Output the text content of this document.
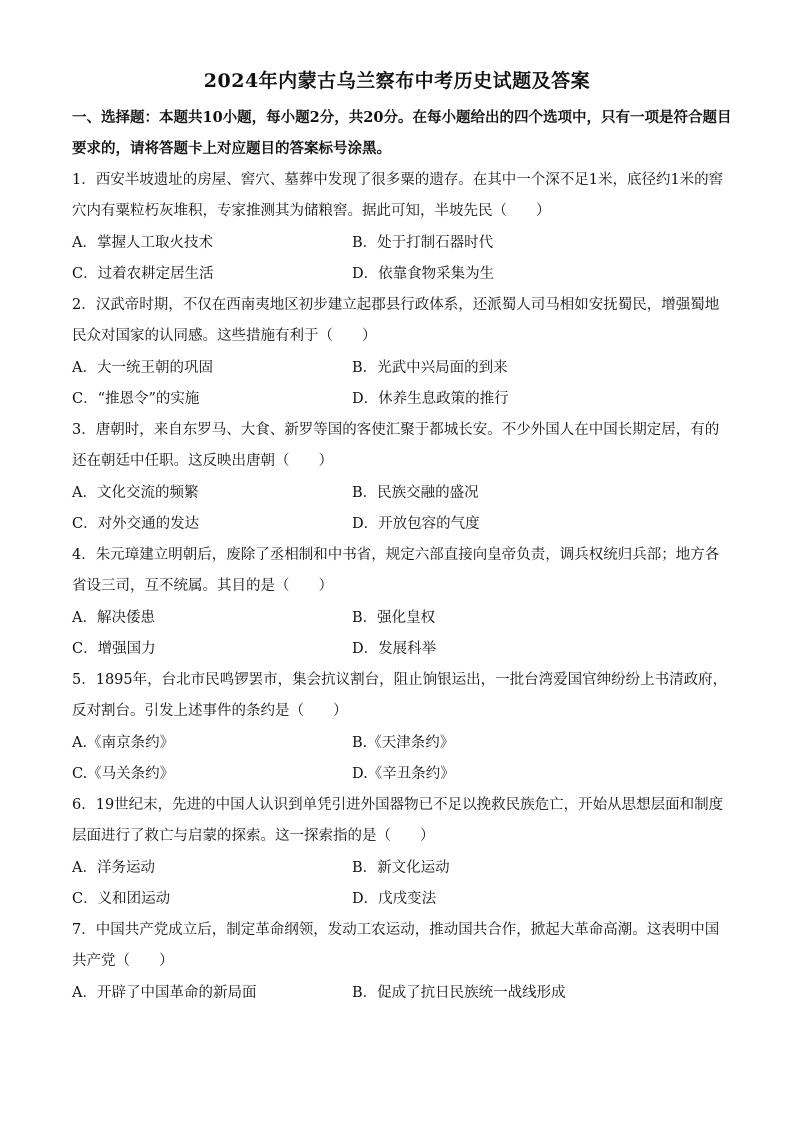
2024年内蒙古乌兰察布中考历史试题及答案
一、选择题：本题共10小题，每小题2分，共20分。在每小题给出的四个选项中，只有一项是符合题目要求的，请将答题卡上对应题目的答案标号涂黑。
1．西安半坡遗址的房屋、窖穴、墓葬中发现了很多粟的遗存。在其中一个深不足1米，底径约1米的窖穴内有粟粒朽灰堆积，专家推测其为储粮窖。据此可知，半坡先民（　　）
A．掌握人工取火技术	B．处于打制石器时代
C．过着农耕定居生活	D．依靠食物采集为生
2．汉武帝时期，不仅在西南夷地区初步建立起郡县行政体系，还派蜀人司马相如安抚蜀民，增强蜀地民众对国家的认同感。这些措施有利于（　　）
A．大一统王朝的巩固	B．光武中兴局面的到来
C．“推恩令”的实施	D．休养生息政策的推行
3．唐朝时，来自东罗马、大食、新罗等国的客使汇聚于都城长安。不少外国人在中国长期定居，有的还在朝廷中任职。这反映出唐朝（　　）
A．文化交流的频繁	B．民族交融的盛况
C．对外交通的发达	D．开放包容的气度
4．朱元璋建立明朝后，废除了丞相制和中书省，规定六部直接向皇帝负责，调兵权统归兵部；地方各省设三司，互不统属。其目的是（　　）
A．解决倭患	B．强化皇权
C．增强国力	D．发展科举
5．1895年，台北市民鸣锣罢市，集会抗议割台，阻止饷银运出，一批台湾爱国官绅纷纷上书清政府，反对割台。引发上述事件的条约是（　　）
A.《南京条约》	B.《天津条约》
C.《马关条约》	D.《辛丑条约》
6．19世纪末，先进的中国人认识到单凭引进外国器物已不足以挽救民族危亡，开始从思想层面和制度层面进行了救亡与启蒙的探索。这一探索指的是（　　）
A．洋务运动	B．新文化运动
C．义和团运动	D．戊戌变法
7．中国共产党成立后，制定革命纲领，发动工农运动，推动国共合作，掀起大革命高潮。这表明中国共产党（　　）
A．开辟了中国革命的新局面	B．促成了抗日民族统一战线形成
